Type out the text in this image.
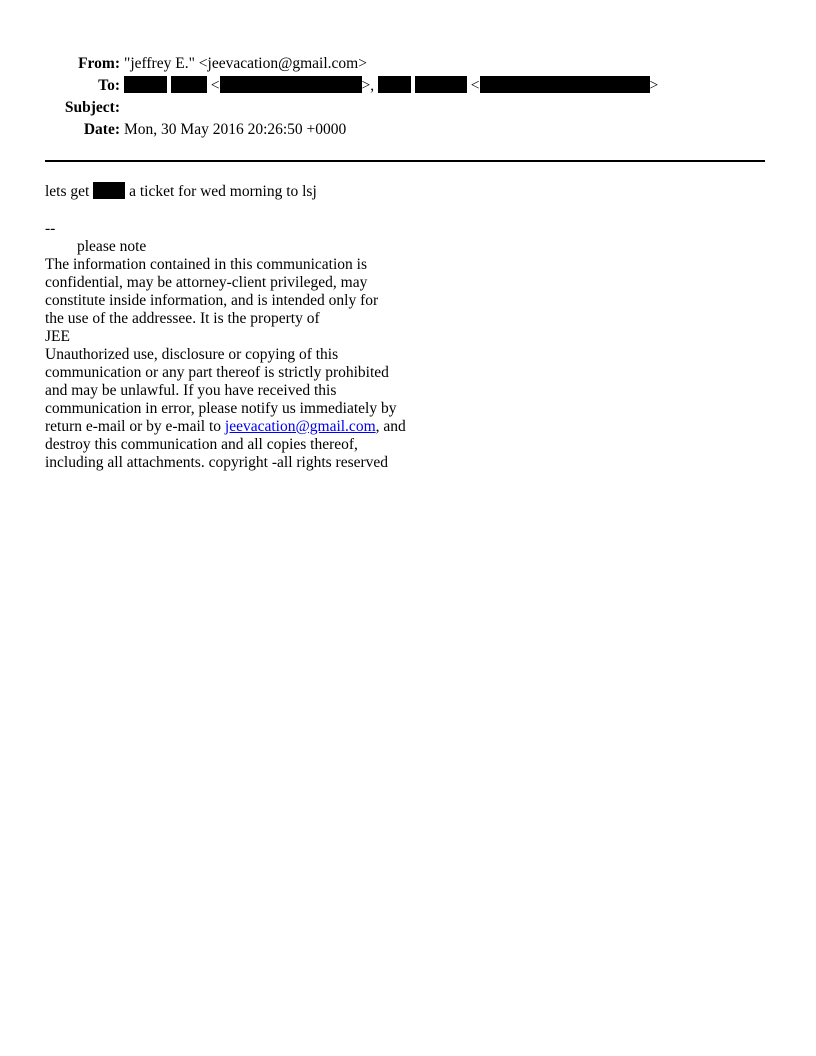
From: "jeffrey E." <jeevacation@gmail.com>
To:	<	>,	<	>
Subject:
Date: Mon, 30 May 2016 20:26:50 +0000
lets get  a ticket for wed morning to lsj
--
please note
The information contained in this communication is
confidential, may be attorney-client privileged, may
constitute inside information, and is intended only for
the use of the addressee. It is the property of
JEE
Unauthorized use, disclosure or copying of this
communication or any part thereof is strictly prohibited
and may be unlawful. If you have received this
communication in error, please notify us immediately by
return e-mail or by e-mail to jeevacation@gmail.com, and
destroy this communication and all copies thereof,
including all attachments. copyright -all rights reserved
